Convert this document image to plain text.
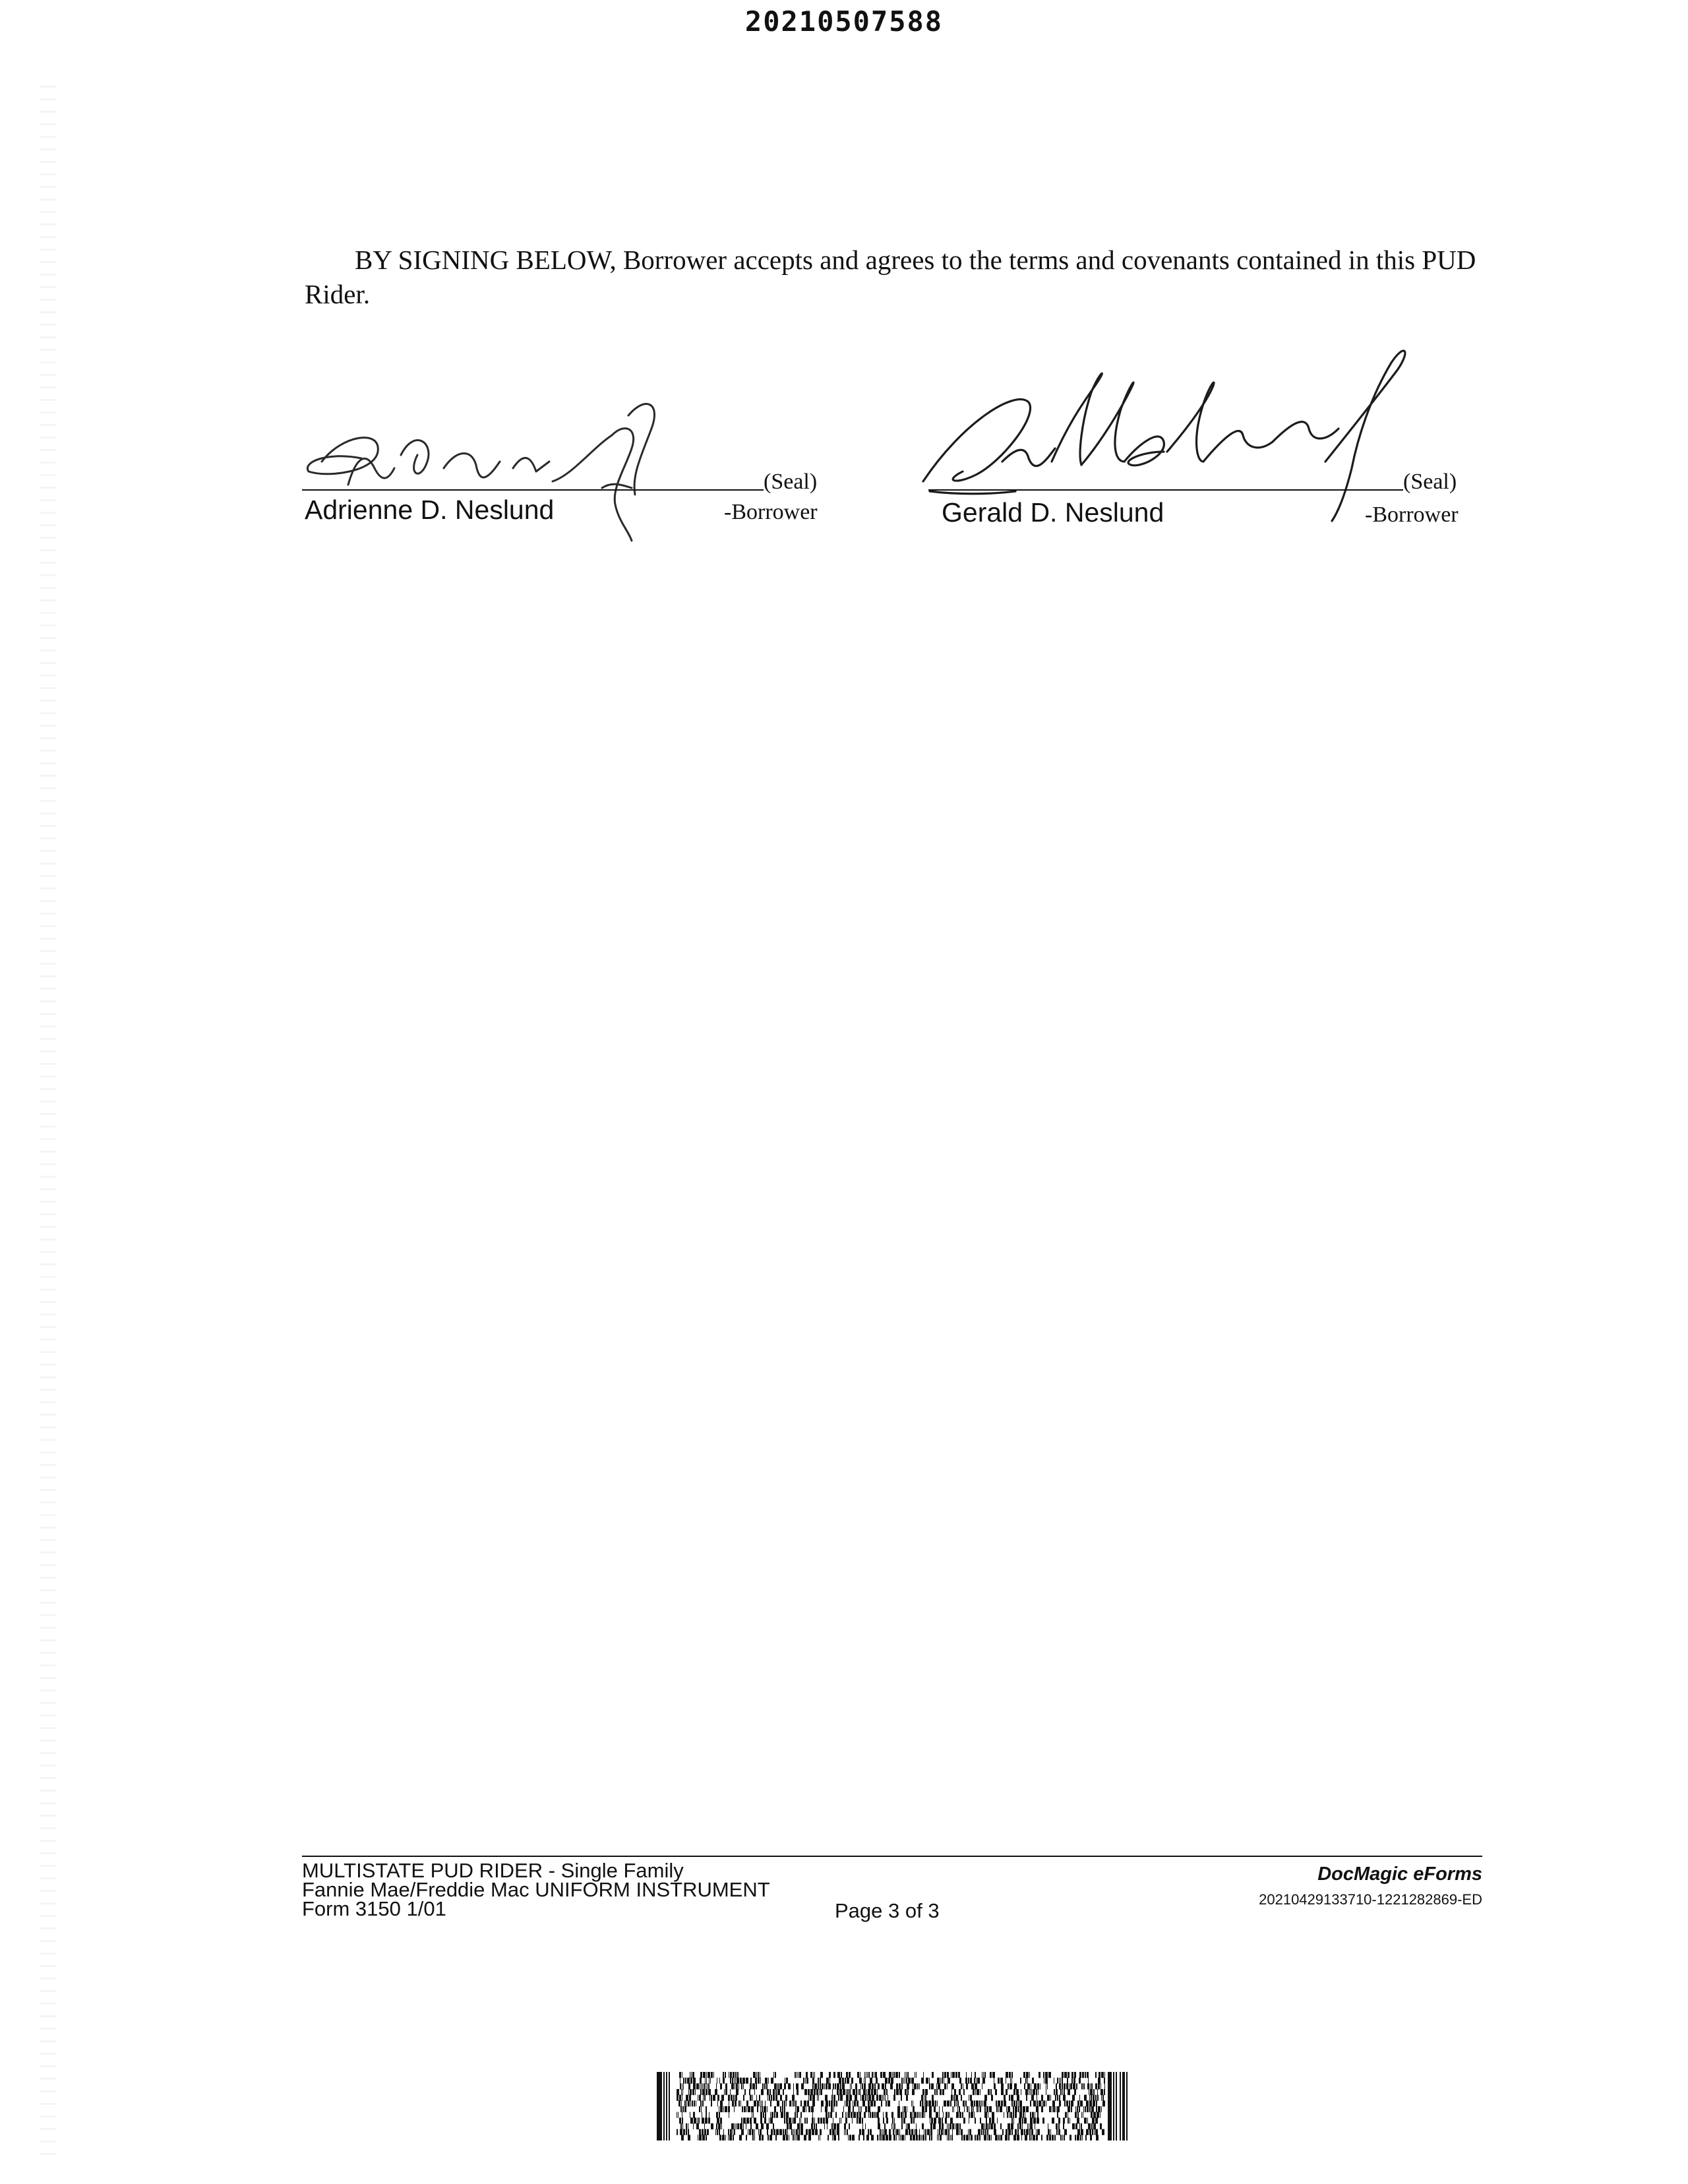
20210507588
BY SIGNING BELOW, Borrower accepts and agrees to the terms and covenants contained in this PUD Rider.
(Seal)
Adrienne D. Neslund	-Borrower
(Seal)
Gerald D. Neslund	-Borrower
MULTISTATE PUD RIDER - Single Family
Fannie Mae/Freddie Mac UNIFORM INSTRUMENT
Form 3150 1/01	Page 3 of 3
DocMagic eForms
20210429133710-1221282869-ED
